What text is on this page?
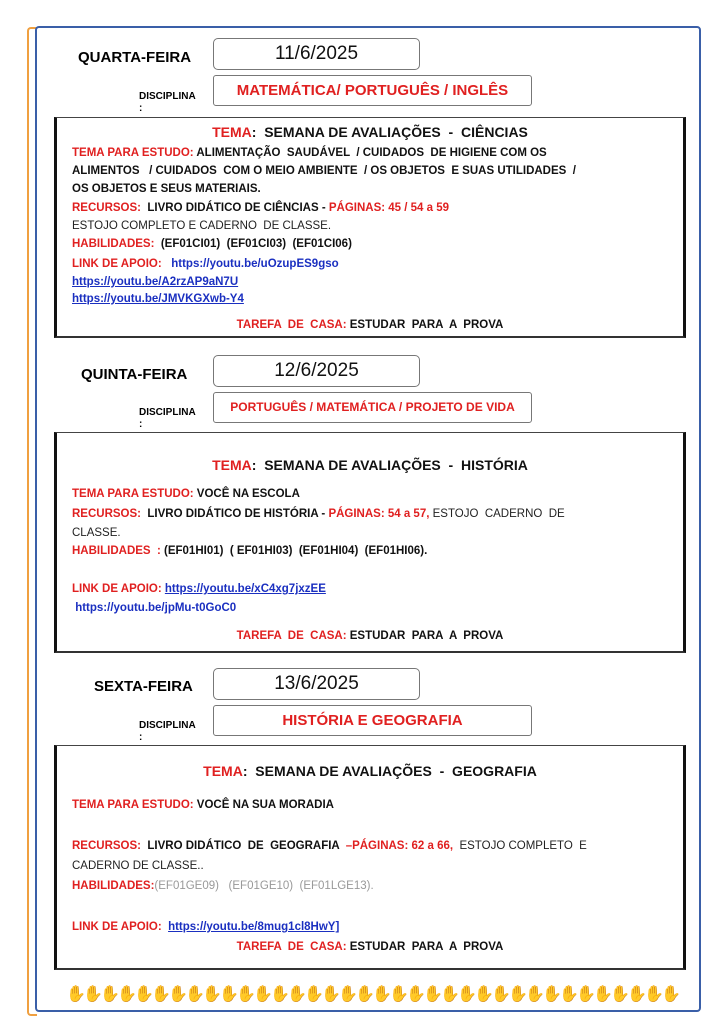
QUARTA-FEIRA	11/6/2025
DISCIPLINA
:
MATEMÁTICA/ PORTUGUÊS / INGLÊS
TEMA:  SEMANA DE AVALIAÇÕES  -  CIÊNCIAS
TEMA PARA ESTUDO: ALIMENTAÇÃO  SAUDÁVEL  / CUIDADOS  DE HIGIENE COM OS
ALIMENTOS   / CUIDADOS  COM O MEIO AMBIENTE  / OS OBJETOS  E SUAS UTILIDADES  /
OS OBJETOS E SEUS MATERIAIS.
RECURSOS:  LIVRO DIDÁTICO DE CIÊNCIAS - PÁGINAS: 45 / 54 a 59
ESTOJO COMPLETO E CADERNO  DE CLASSE.
HABILIDADES:  (EF01CI01)  (EF01CI03)  (EF01CI06)
LINK DE APOIO:   https://youtu.be/uOzupES9gso
https://youtu.be/A2rzAP9aN7U
https://youtu.be/JMVKGXwb-Y4
TAREFA  DE  CASA: ESTUDAR  PARA  A  PROVA
QUINTA-FEIRA	12/6/2025
DISCIPLINA
:
PORTUGUÊS / MATEMÁTICA / PROJETO DE VIDA
TEMA:  SEMANA DE AVALIAÇÕES  -  HISTÓRIA
TEMA PARA ESTUDO: VOCÊ NA ESCOLA
RECURSOS:  LIVRO DIDÁTICO DE HISTÓRIA - PÁGINAS: 54 a 57, ESTOJO  CADERNO  DE
CLASSE.
HABILIDADES  : (EF01HI01)  ( EF01HI03)  (EF01HI04)  (EF01HI06).
LINK DE APOIO: https://youtu.be/xC4xg7jxzEE
https://youtu.be/jpMu-t0GoC0
TAREFA  DE  CASA: ESTUDAR  PARA  A  PROVA
SEXTA-FEIRA	13/6/2025
DISCIPLINA
:
HISTÓRIA E GEOGRAFIA
TEMA:  SEMANA DE AVALIAÇÕES  -  GEOGRAFIA
TEMA PARA ESTUDO: VOCÊ NA SUA MORADIA
RECURSOS:  LIVRO DIDÁTICO  DE  GEOGRAFIA  –PÁGINAS: 62 a 66,  ESTOJO COMPLETO  E
CADERNO DE CLASSE..
HABILIDADES:(EF01GE09)   (EF01GE10)  (EF01LGE13).
LINK DE APOIO:  https://youtu.be/8mug1cl8HwY]
TAREFA  DE  CASA: ESTUDAR  PARA  A  PROVA
✋
✋
✋
✋
✋
✋
✋
✋
✋
✋
✋
✋
✋
✋
✋
✋
✋
✋
✋
✋
✋
✋
✋
✋
✋
✋
✋
✋
✋
✋
✋
✋
✋
✋
✋
✋
